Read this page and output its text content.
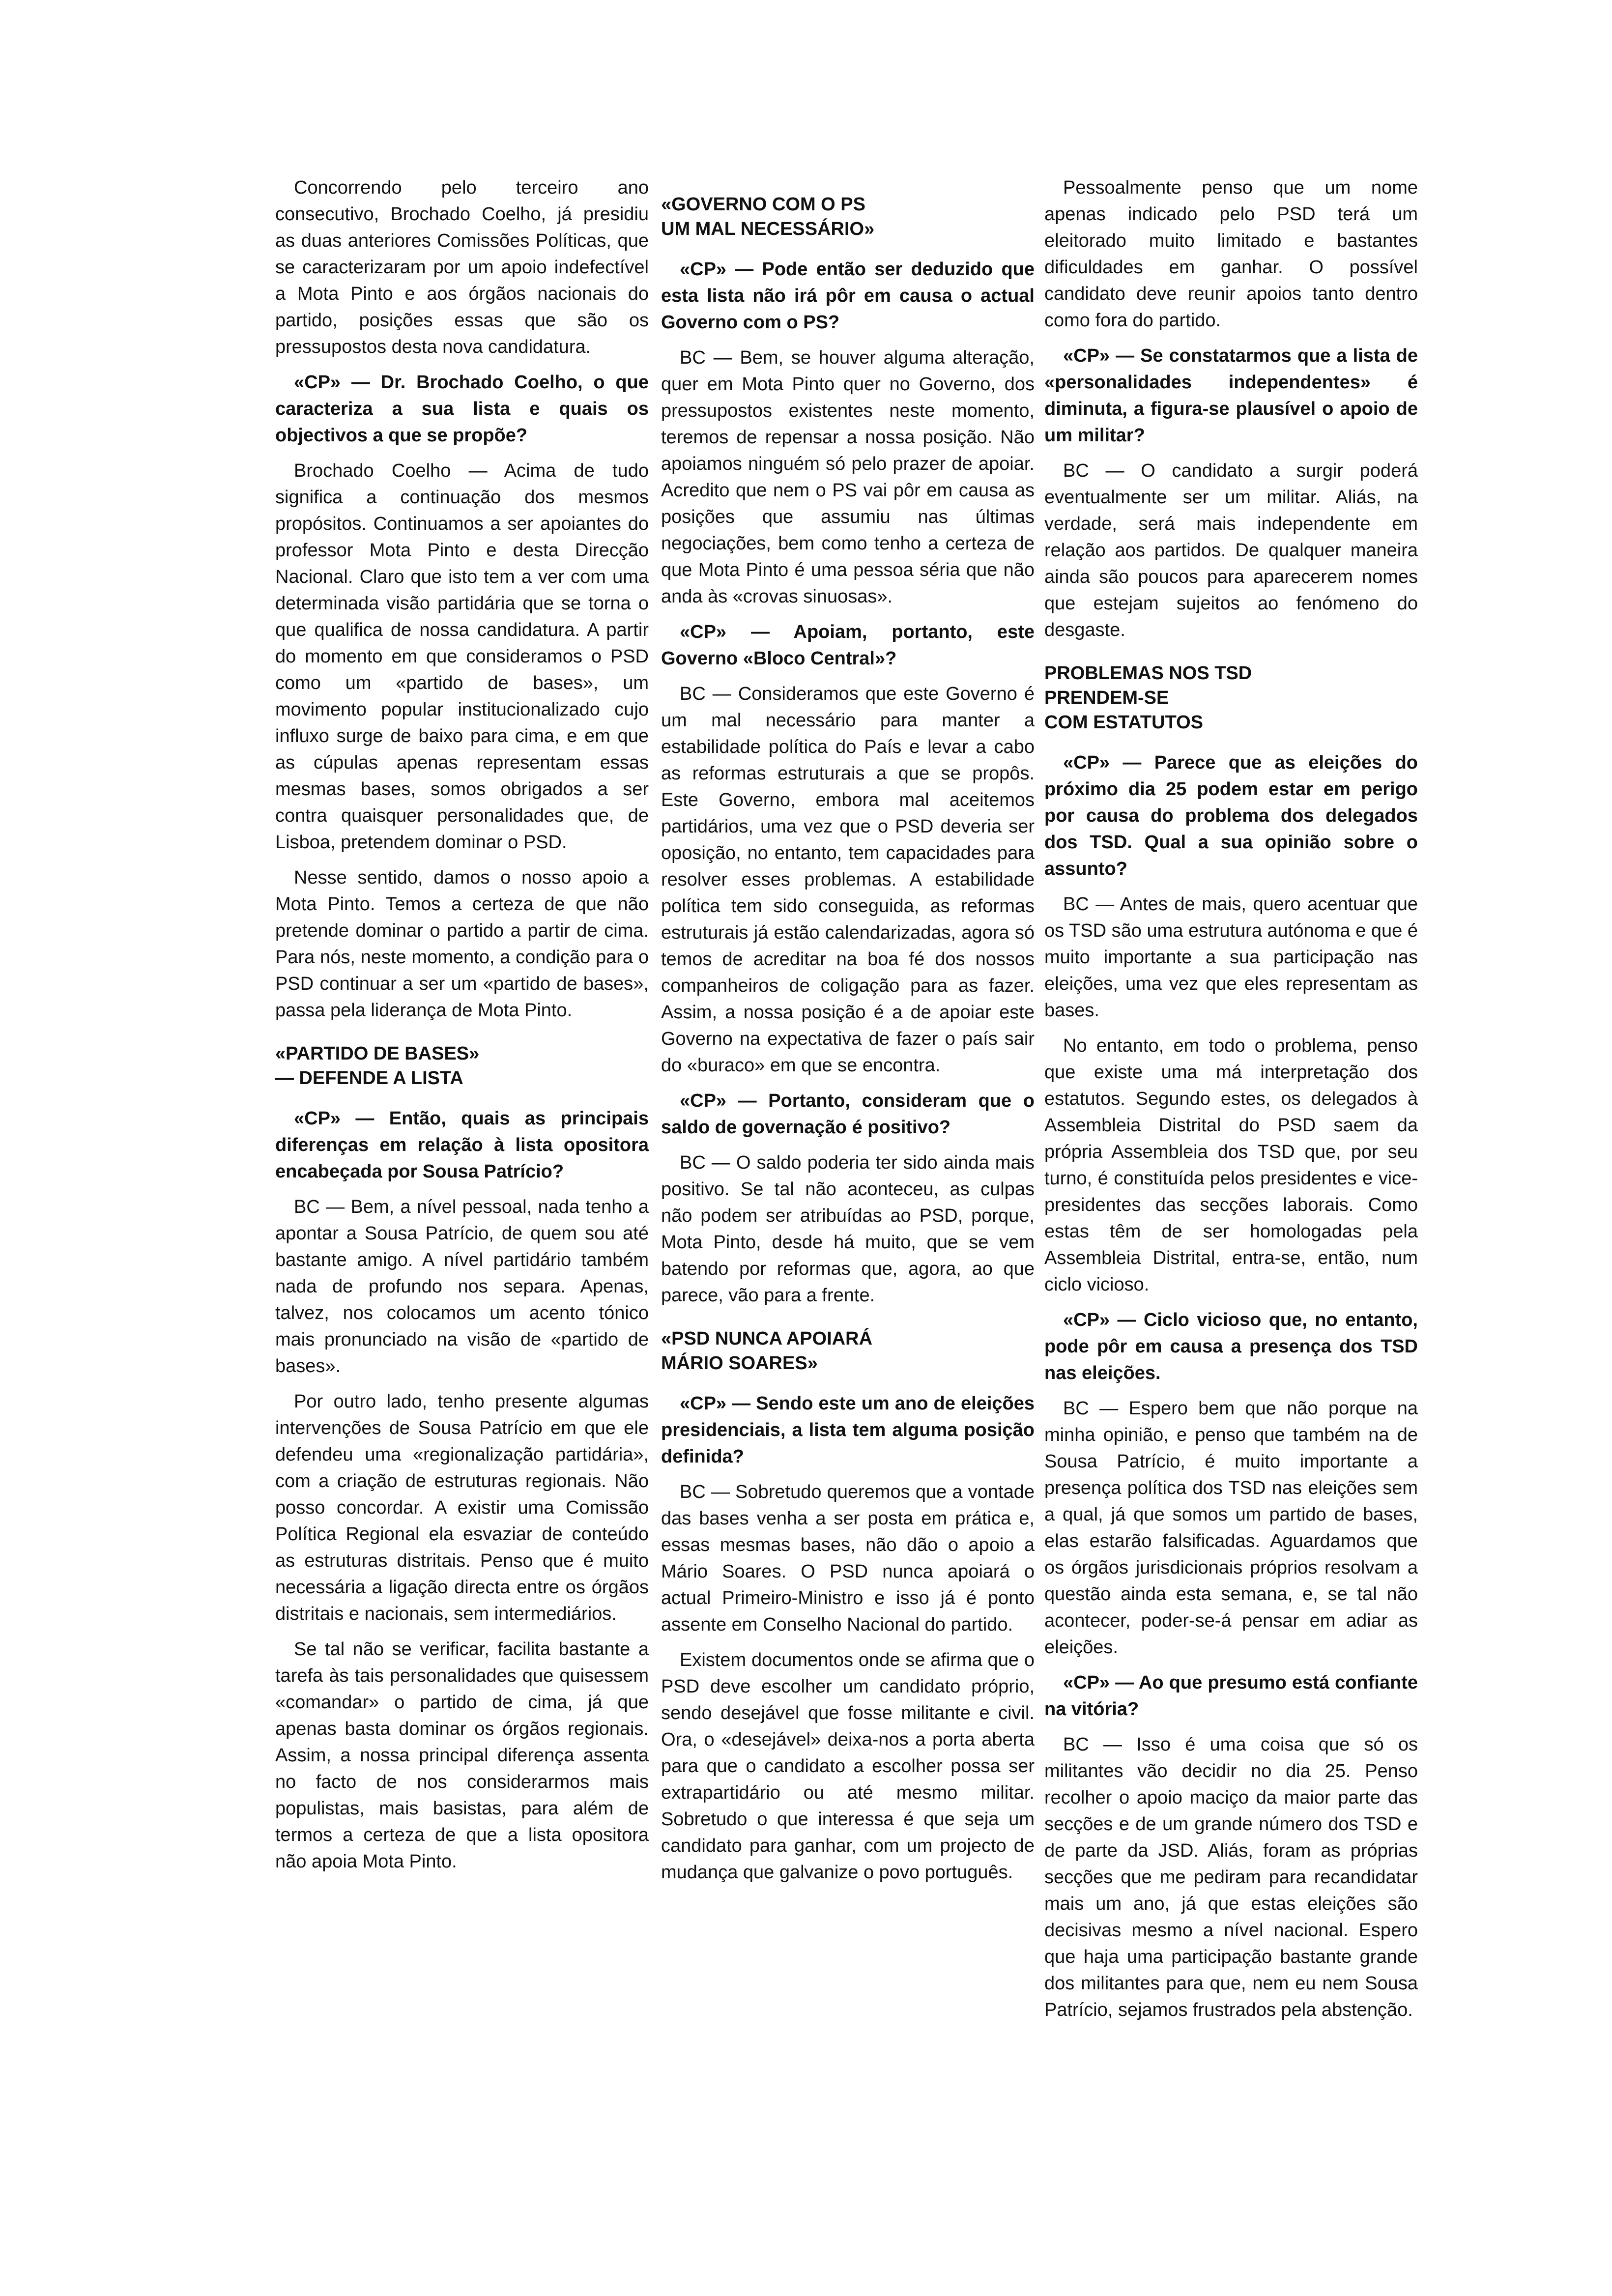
Concorrendo pelo terceiro ano consecutivo, Brochado Coelho, já presidiu as duas anteriores Comissões Políticas, que se caracterizaram por um apoio indefectível a Mota Pinto e aos órgãos nacionais do partido, posições essas que são os pressupostos desta nova candidatura.

«CP» — Dr. Brochado Coelho, o que caracteriza a sua lista e quais os objectivos a que se propõe?

Brochado Coelho — Acima de tudo significa a continuação dos mesmos propósitos. Continuamos a ser apoiantes do professor Mota Pinto e desta Direcção Nacional. Claro que isto tem a ver com uma determinada visão partidária que se torna o que qualifica de nossa candidatura. A partir do momento em que consideramos o PSD como um «partido de bases», um movimento popular institucionalizado cujo influxo surge de baixo para cima, e em que as cúpulas apenas representam essas mesmas bases, somos obrigados a ser contra quaisquer personalidades que, de Lisboa, pretendem dominar o PSD.

Nesse sentido, damos o nosso apoio a Mota Pinto. Temos a certeza de que não pretende dominar o partido a partir de cima. Para nós, neste momento, a condição para o PSD continuar a ser um «partido de bases», passa pela liderança de Mota Pinto.

«PARTIDO DE BASES»
— DEFENDE A LISTA

«CP» — Então, quais as principais diferenças em relação à lista opositora encabeçada por Sousa Patrício?

BC — Bem, a nível pessoal, nada tenho a apontar a Sousa Patrício, de quem sou até bastante amigo. A nível partidário também nada de profundo nos separa. Apenas, talvez, nos colocamos um acento tónico mais pronunciado na visão de «partido de bases».

Por outro lado, tenho presente algumas intervenções de Sousa Patrício em que ele defendeu uma «regionalização partidária», com a criação de estruturas regionais. Não posso concordar. A existir uma Comissão Política Regional ela esvaziar de conteúdo as estruturas distritais. Penso que é muito necessária a ligação directa entre os órgãos distritais e nacionais, sem intermediários.

Se tal não se verificar, facilita bastante a tarefa às tais personalidades que quisessem «comandar» o partido de cima, já que apenas basta dominar os órgãos regionais. Assim, a nossa principal diferença assenta no facto de nos considerarmos mais populistas, mais basistas, para além de termos a certeza de que a lista opositora não apoia Mota Pinto.

«GOVERNO COM O PS
UM MAL NECESSÁRIO»

«CP» — Pode então ser deduzido que esta lista não irá pôr em causa o actual Governo com o PS?

BC — Bem, se houver alguma alteração, quer em Mota Pinto quer no Governo, dos pressupostos existentes neste momento, teremos de repensar a nossa posição. Não apoiamos ninguém só pelo prazer de apoiar. Acredito que nem o PS vai pôr em causa as posições que assumiu nas últimas negociações, bem como tenho a certeza de que Mota Pinto é uma pessoa séria que não anda às «crovas sinuosas».

«CP» — Apoiam, portanto, este Governo «Bloco Central»?

BC — Consideramos que este Governo é um mal necessário para manter a estabilidade política do País e levar a cabo as reformas estruturais a que se propôs. Este Governo, embora mal aceitemos partidários, uma vez que o PSD deveria ser oposição, no entanto, tem capacidades para resolver esses problemas. A estabilidade política tem sido conseguida, as reformas estruturais já estão calendarizadas, agora só temos de acreditar na boa fé dos nossos companheiros de coligação para as fazer. Assim, a nossa posição é a de apoiar este Governo na expectativa de fazer o país sair do «buraco» em que se encontra.

«CP» — Portanto, consideram que o saldo de governação é positivo?

BC — O saldo poderia ter sido ainda mais positivo. Se tal não aconteceu, as culpas não podem ser atribuídas ao PSD, porque, Mota Pinto, desde há muito, que se vem batendo por reformas que, agora, ao que parece, vão para a frente.

«PSD NUNCA APOIARÁ
MÁRIO SOARES»

«CP» — Sendo este um ano de eleições presidenciais, a lista tem alguma posição definida?

BC — Sobretudo queremos que a vontade das bases venha a ser posta em prática e, essas mesmas bases, não dão o apoio a Mário Soares. O PSD nunca apoiará o actual Primeiro-Ministro e isso já é ponto assente em Conselho Nacional do partido.

Existem documentos onde se afirma que o PSD deve escolher um candidato próprio, sendo desejável que fosse militante e civil. Ora, o «desejável» deixa-nos a porta aberta para que o candidato a escolher possa ser extrapartidário ou até mesmo militar. Sobretudo o que interessa é que seja um candidato para ganhar, com um projecto de mudança que galvanize o povo português.

Pessoalmente penso que um nome apenas indicado pelo PSD terá um eleitorado muito limitado e bastantes dificuldades em ganhar. O possível candidato deve reunir apoios tanto dentro como fora do partido.

«CP» — Se constatarmos que a lista de «personalidades independentes» é diminuta, a figura-se plausível o apoio de um militar?

BC — O candidato a surgir poderá eventualmente ser um militar. Aliás, na verdade, será mais independente em relação aos partidos. De qualquer maneira ainda são poucos para aparecerem nomes que estejam sujeitos ao fenómeno do desgaste.

PROBLEMAS NOS TSD
PRENDEM-SE
COM ESTATUTOS

«CP» — Parece que as eleições do próximo dia 25 podem estar em perigo por causa do problema dos delegados dos TSD. Qual a sua opinião sobre o assunto?

BC — Antes de mais, quero acentuar que os TSD são uma estrutura autónoma e que é muito importante a sua participação nas eleições, uma vez que eles representam as bases.

No entanto, em todo o problema, penso que existe uma má interpretação dos estatutos. Segundo estes, os delegados à Assembleia Distrital do PSD saem da própria Assembleia dos TSD que, por seu turno, é constituída pelos presidentes e vice-presidentes das secções laborais. Como estas têm de ser homologadas pela Assembleia Distrital, entra-se, então, num ciclo vicioso.

«CP» — Ciclo vicioso que, no entanto, pode pôr em causa a presença dos TSD nas eleições.

BC — Espero bem que não porque na minha opinião, e penso que também na de Sousa Patrício, é muito importante a presença política dos TSD nas eleições sem a qual, já que somos um partido de bases, elas estarão falsificadas. Aguardamos que os órgãos jurisdicionais próprios resolvam a questão ainda esta semana, e, se tal não acontecer, poder-se-á pensar em adiar as eleições.

«CP» — Ao que presumo está confiante na vitória?

BC — Isso é uma coisa que só os militantes vão decidir no dia 25. Penso recolher o apoio maciço da maior parte das secções e de um grande número dos TSD e de parte da JSD. Aliás, foram as próprias secções que me pediram para recandidatar mais um ano, já que estas eleições são decisivas mesmo a nível nacional. Espero que haja uma participação bastante grande dos militantes para que, nem eu nem Sousa Patrício, sejamos frustrados pela abstenção.
